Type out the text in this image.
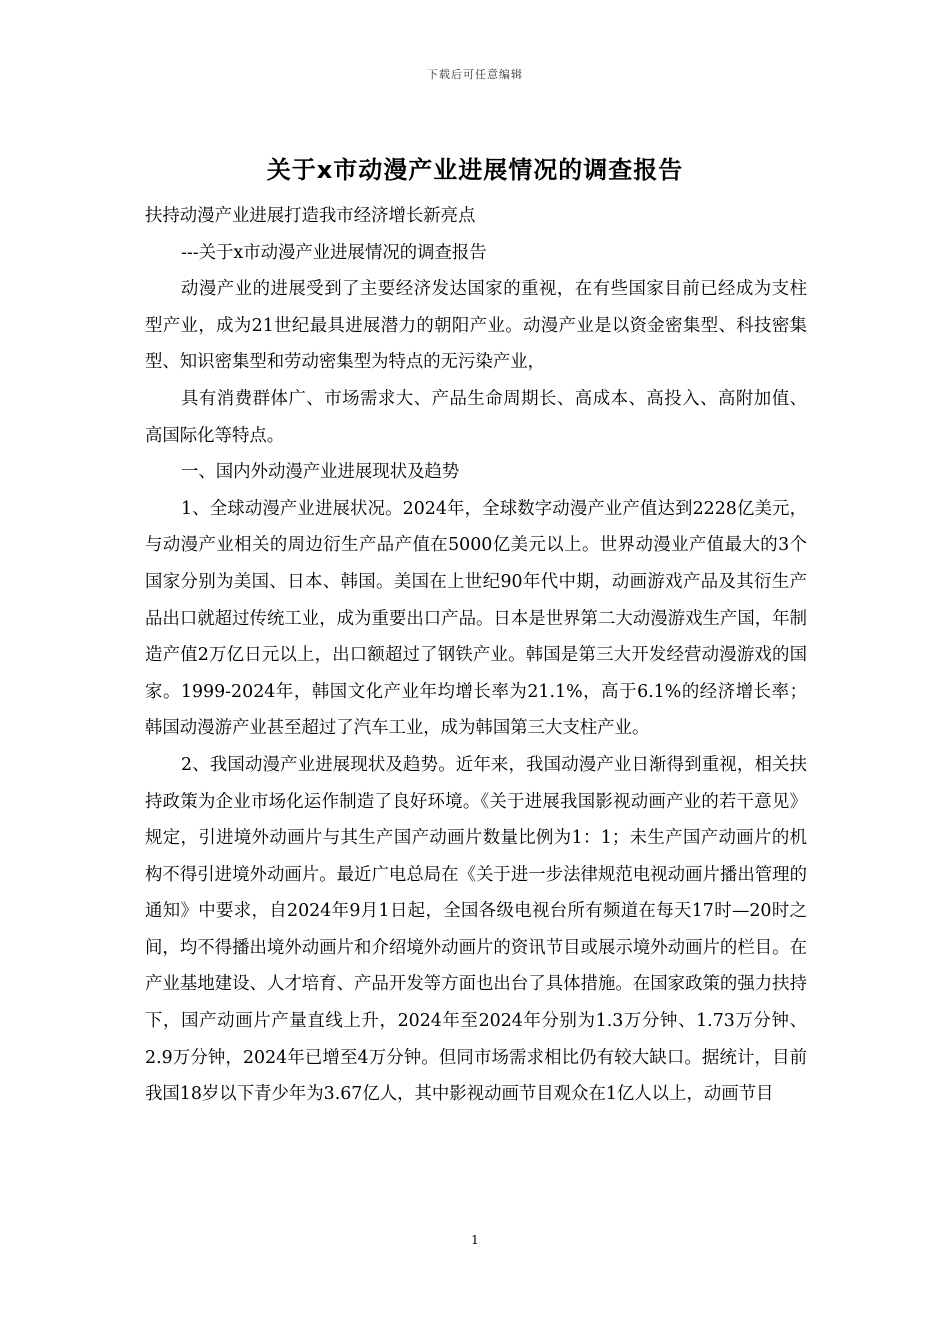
下载后可任意编辑
关于x市动漫产业进展情况的调查报告

扶持动漫产业进展打造我市经济增长新亮点

---关于x市动漫产业进展情况的调查报告

动漫产业的进展受到了主要经济发达国家的重视，在有些国家目前已经成为支柱型产业，成为21世纪最具进展潜力的朝阳产业。动漫产业是以资金密集型、科技密集型、知识密集型和劳动密集型为特点的无污染产业，

具有消费群体广、市场需求大、产品生命周期长、高成本、高投入、高附加值、高国际化等特点。

一、国内外动漫产业进展现状及趋势

1、全球动漫产业进展状况。2024年，全球数字动漫产业产值达到2228亿美元，与动漫产业相关的周边衍生产品产值在5000亿美元以上。世界动漫业产值最大的3个国家分别为美国、日本、韩国。美国在上世纪90年代中期，动画游戏产品及其衍生产品出口就超过传统工业，成为重要出口产品。日本是世界第二大动漫游戏生产国，年制造产值2万亿日元以上，出口额超过了钢铁产业。韩国是第三大开发经营动漫游戏的国家。1999-2024年，韩国文化产业年均增长率为21.1%，高于6.1%的经济增长率；韩国动漫游产业甚至超过了汽车工业，成为韩国第三大支柱产业。

2、我国动漫产业进展现状及趋势。近年来，我国动漫产业日渐得到重视，相关扶持政策为企业市场化运作制造了良好环境。《关于进展我国影视动画产业的若干意见》规定，引进境外动画片与其生产国产动画片数量比例为1：1；未生产国产动画片的机构不得引进境外动画片。最近广电总局在《关于进一步法律规范电视动画片播出管理的通知》中要求，自2024年9月1日起，全国各级电视台所有频道在每天17时—20时之间，均不得播出境外动画片和介绍境外动画片的资讯节目或展示境外动画片的栏目。在产业基地建设、人才培育、产品开发等方面也出台了具体措施。在国家政策的强力扶持下，国产动画片产量直线上升，2024年至2024年分别为1.3万分钟、1.73万分钟、2.9万分钟，2024年已增至4万分钟。但同市场需求相比仍有较大缺口。据统计，目前我国18岁以下青少年为3.67亿人，其中影视动画节目观众在1亿人以上，动画节目

1
